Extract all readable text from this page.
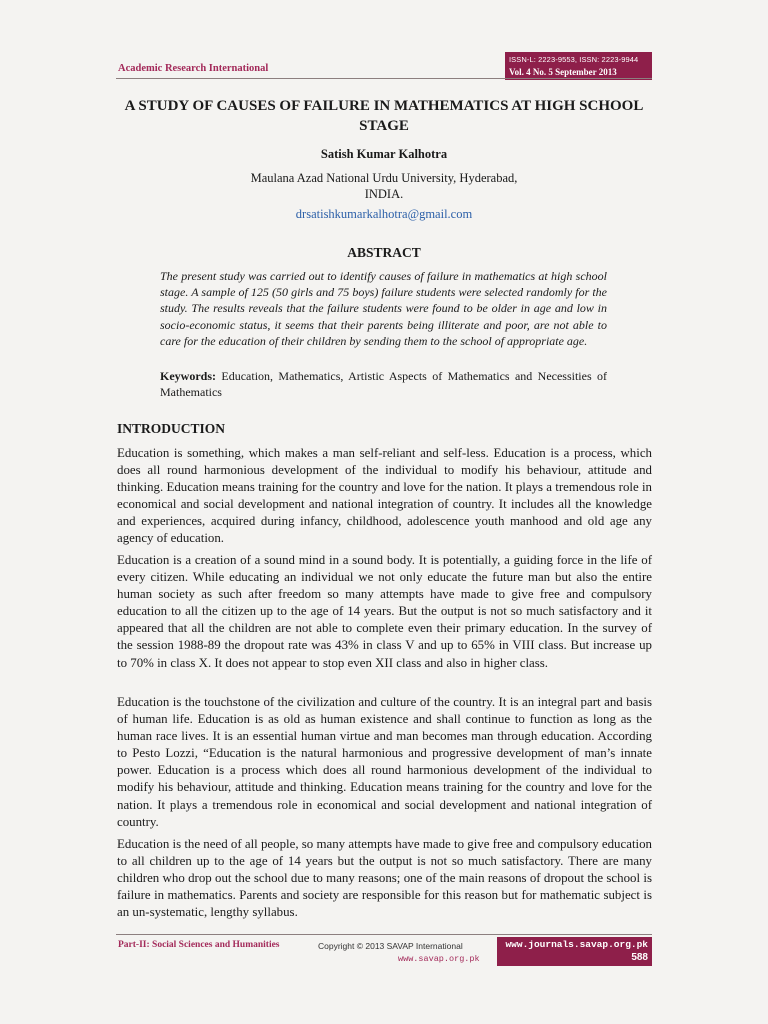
Academic Research International
ISSN-L: 2223-9553, ISSN: 2223-9944
Vol. 4 No. 5 September 2013
A STUDY OF CAUSES OF FAILURE IN MATHEMATICS AT HIGH SCHOOL STAGE
Satish Kumar Kalhotra
Maulana Azad National Urdu University, Hyderabad,
INDIA.
drsatishkumarkalhotra@gmail.com
ABSTRACT
The present study was carried out to identify causes of failure in mathematics at high school stage. A sample of 125 (50 girls and 75 boys) failure students were selected randomly for the study. The results reveals that the failure students were found to be older in age and low in socio-economic status, it seems that their parents being illiterate and poor, are not able to care for the education of their children by sending them to the school of appropriate age.
Keywords: Education, Mathematics, Artistic Aspects of Mathematics and Necessities of Mathematics
INTRODUCTION
Education is something, which makes a man self-reliant and self-less. Education is a process, which does all round harmonious development of the individual to modify his behaviour, attitude and thinking. Education means training for the country and love for the nation. It plays a tremendous role in economical and social development and national integration of country. It includes all the knowledge and experiences, acquired during infancy, childhood, adolescence youth manhood and old age any agency of education.
Education is a creation of a sound mind in a sound body. It is potentially, a guiding force in the life of every citizen. While educating an individual we not only educate the future man but also the entire human society as such after freedom so many attempts have made to give free and compulsory education to all the citizen up to the age of 14 years. But the output is not so much satisfactory and it appeared that all the children are not able to complete even their primary education. In the survey of the session 1988-89 the dropout rate was 43% in class V and up to 65% in VIII class. But increase up to 70% in class X. It does not appear to stop even XII class and also in higher class.
Education is the touchstone of the civilization and culture of the country. It is an integral part and basis of human life. Education is as old as human existence and shall continue to function as long as the human race lives. It is an essential human virtue and man becomes man through education. According to Pesto Lozzi, “Education is the natural harmonious and progressive development of man’s innate power. Education is a process which does all round harmonious development of the individual to modify his behaviour, attitude and thinking. Education means training for the country and love for the nation. It plays a tremendous role in economical and social development and national integration of country.
Education is the need of all people, so many attempts have made to give free and compulsory education to all children up to the age of 14 years but the output is not so much satisfactory. There are many children who drop out the school due to many reasons; one of the main reasons of dropout the school is failure in mathematics. Parents and society are responsible for this reason but for mathematic subject is an un-systematic, lengthy syllabus.
Part-II: Social Sciences and Humanities	Copyright © 2013 SAVAP International
www.savap.org.pk
www.journals.savap.org.pk
588
